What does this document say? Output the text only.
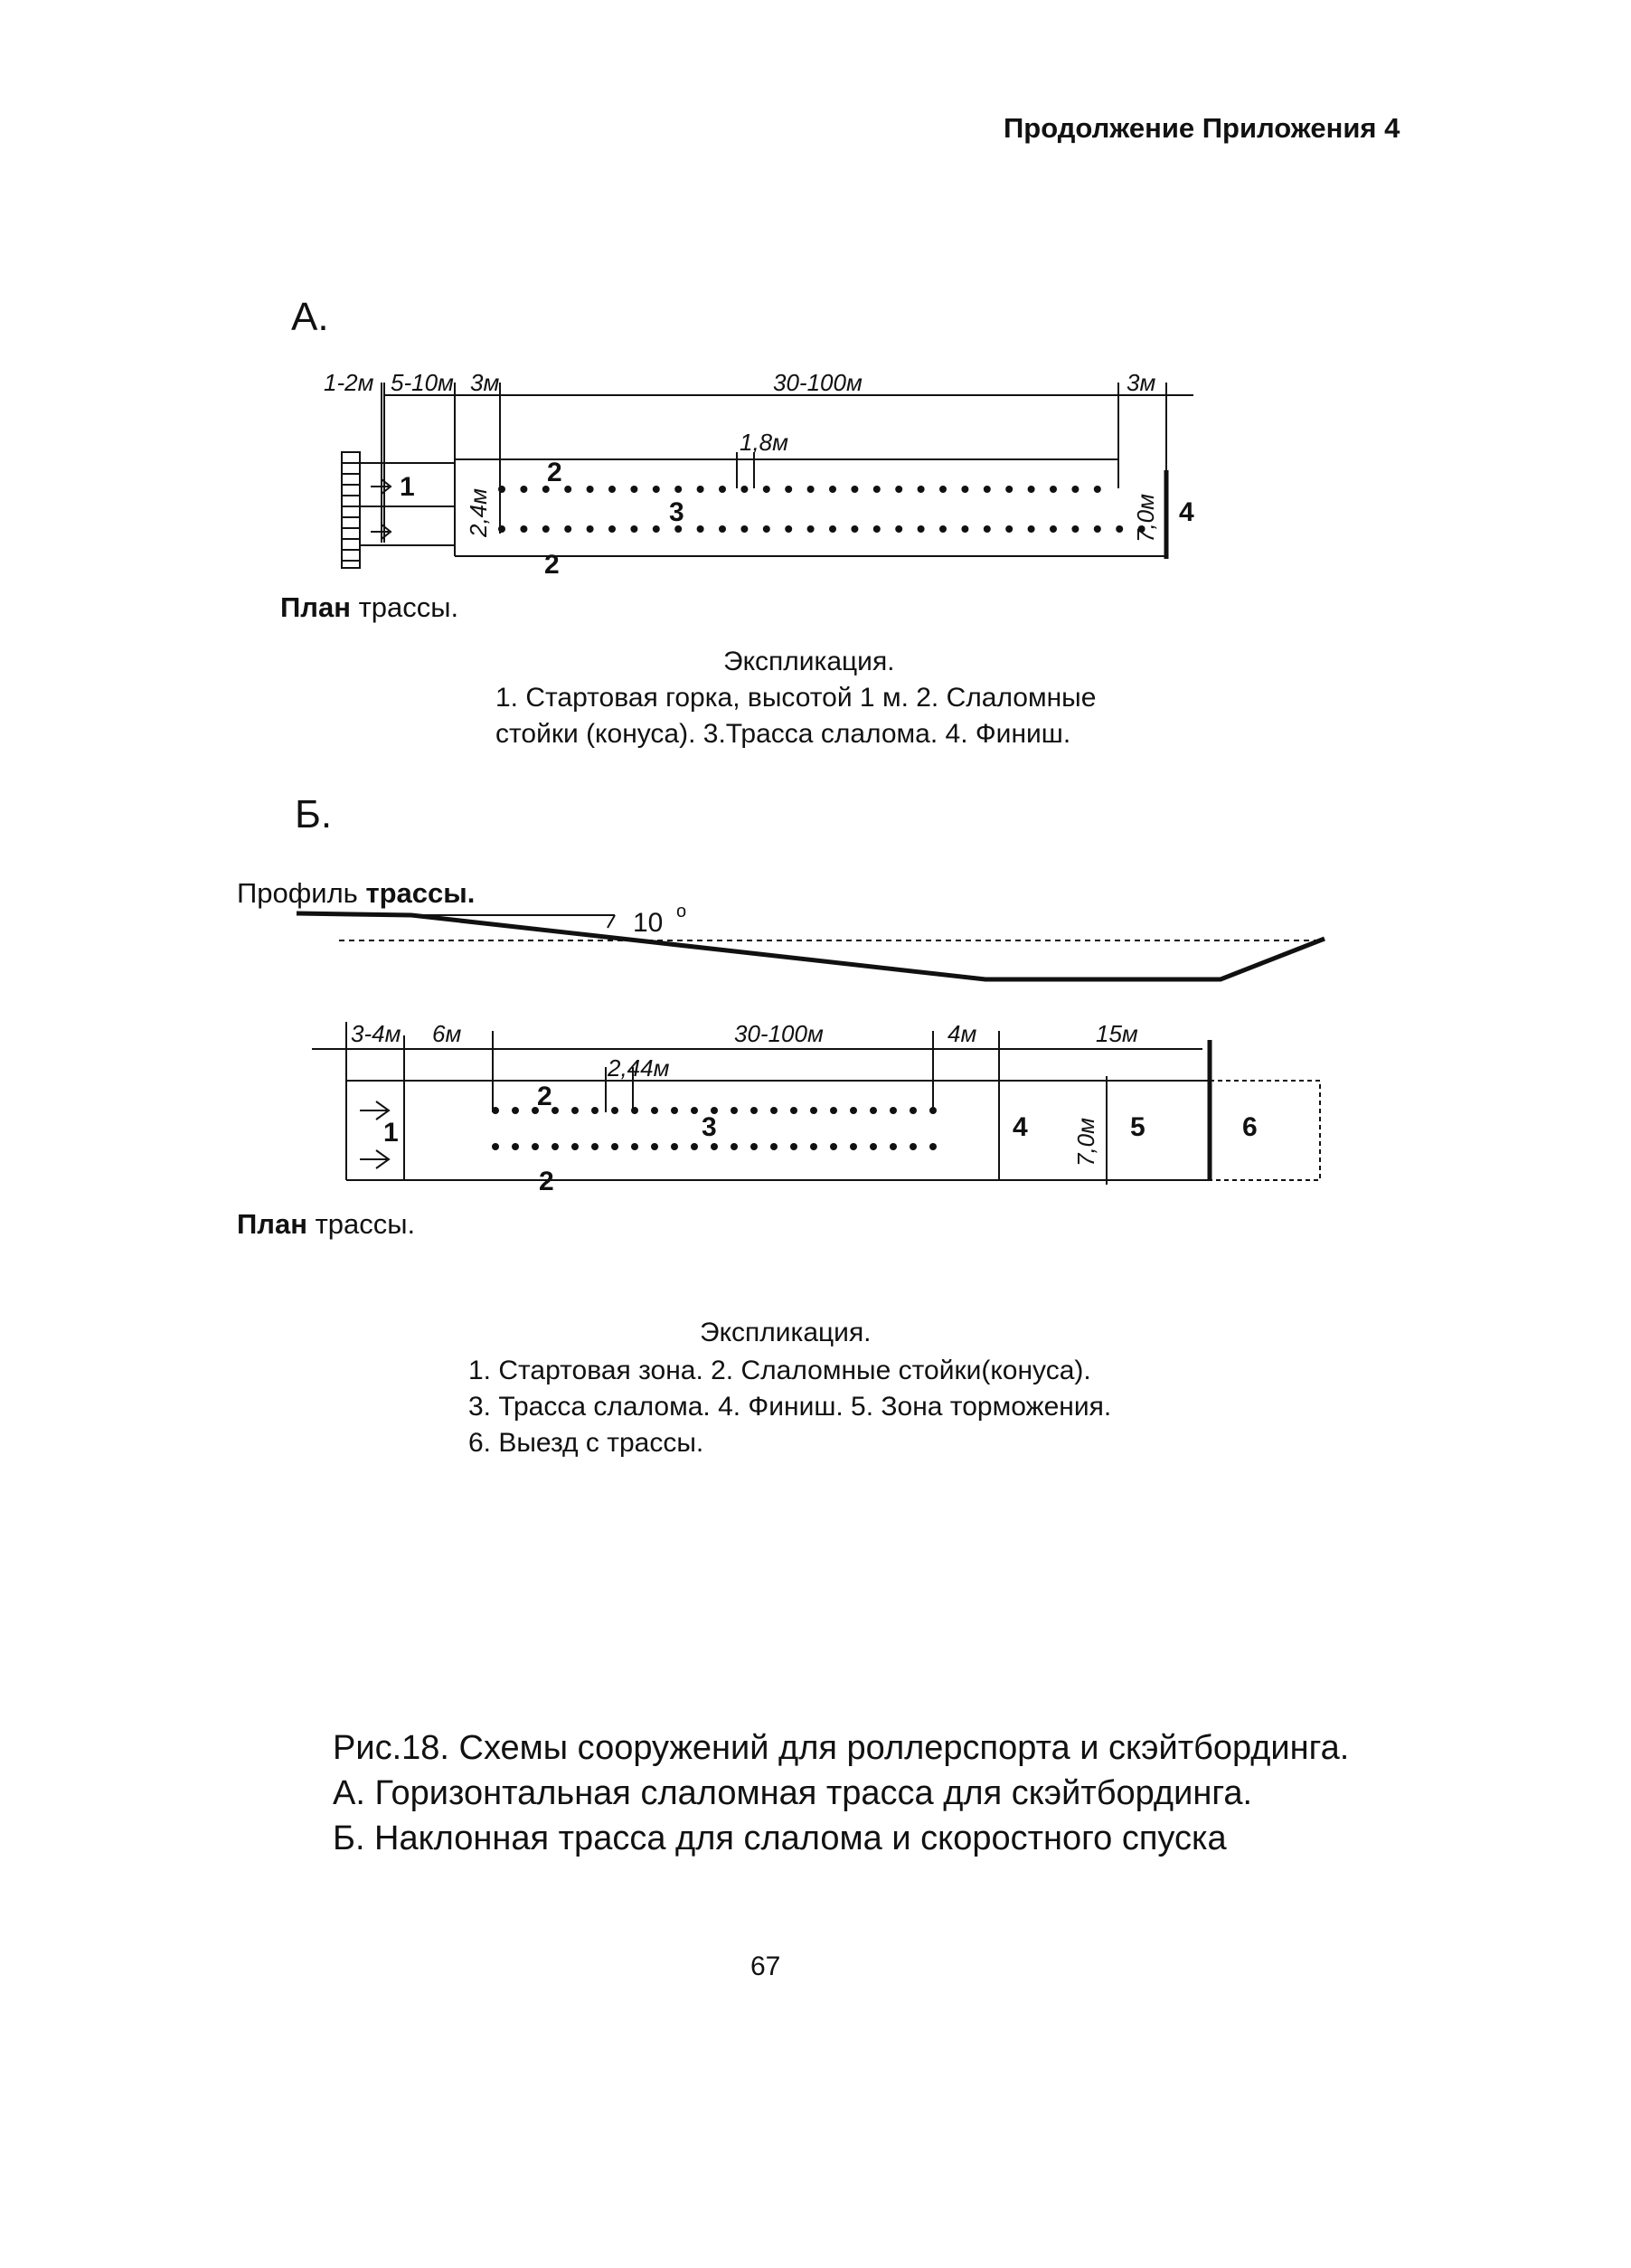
Продолжение Приложения 4
А.
1-2м 5-10м 3м	30-100м	3м
1,8м
2,4м	7,0м
1	2
2
3	4
План трассы.
Экспликация.
1. Стартовая горка, высотой 1 м. 2. Слаломные
стойки (конуса). 3.Трасса слалома. 4. Финиш.
Б.
Профиль трассы.
10 o
3-4м 6м	30-100м	4м	15м
2,44м
7,0м
1
2
2
3	4	5	6
План трассы.
Экспликация.
1. Стартовая зона. 2. Слаломные стойки(конуса).
3. Трасса слалома. 4. Финиш. 5. Зона торможения.
6. Выезд с трассы.
Рис.18. Схемы сооружений для роллерспорта и скэйтбординга.
А. Горизонтальная слаломная трасса для скэйтбординга.
Б. Наклонная трасса для слалома и скоростного спуска
67
